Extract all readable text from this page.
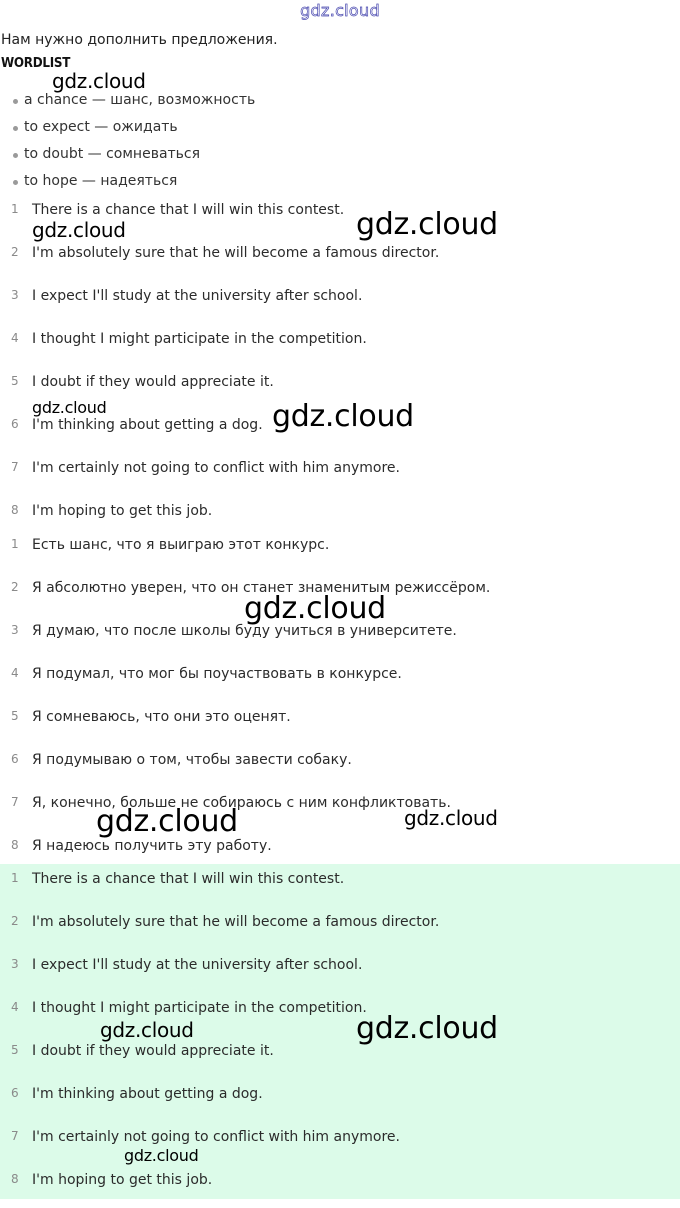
gdz.cloud
Нам нужно дополнить предложения.
WORDLIST
a chance — шанс, возможность
to expect — ожидать
to doubt — сомневаться
to hope — надеяться
1 There is a chance that I will win this contest.
2 I'm absolutely sure that he will become a famous director.
3 I expect I'll study at the university after school.
4 I thought I might participate in the competition.
5 I doubt if they would appreciate it.
6 I'm thinking about getting a dog.
7 I'm certainly not going to conflict with him anymore.
8 I'm hoping to get this job.
1 Есть шанс, что я выиграю этот конкурс.
2 Я абсолютно уверен, что он станет знаменитым режиссёром.
3 Я думаю, что после школы буду учиться в университете.
4 Я подумал, что мог бы поучаствовать в конкурсе.
5 Я сомневаюсь, что они это оценят.
6 Я подумываю о том, чтобы завести собаку.
7 Я, конечно, больше не собираюсь с ним конфликтовать.
8 Я надеюсь получить эту работу.
1 There is a chance that I will win this contest.
2 I'm absolutely sure that he will become a famous director.
3 I expect I'll study at the university after school.
4 I thought I might participate in the competition.
5 I doubt if they would appreciate it.
6 I'm thinking about getting a dog.
7 I'm certainly not going to conflict with him anymore.
8 I'm hoping to get this job.
gdz.cloud
gdz.cloud
gdz.cloud
gdz.cloud	gdz.cloud
gdz.cloud
gdz.cloud	gdz.cloud
gdz.cloud	gdz.cloud
gdz.cloud
